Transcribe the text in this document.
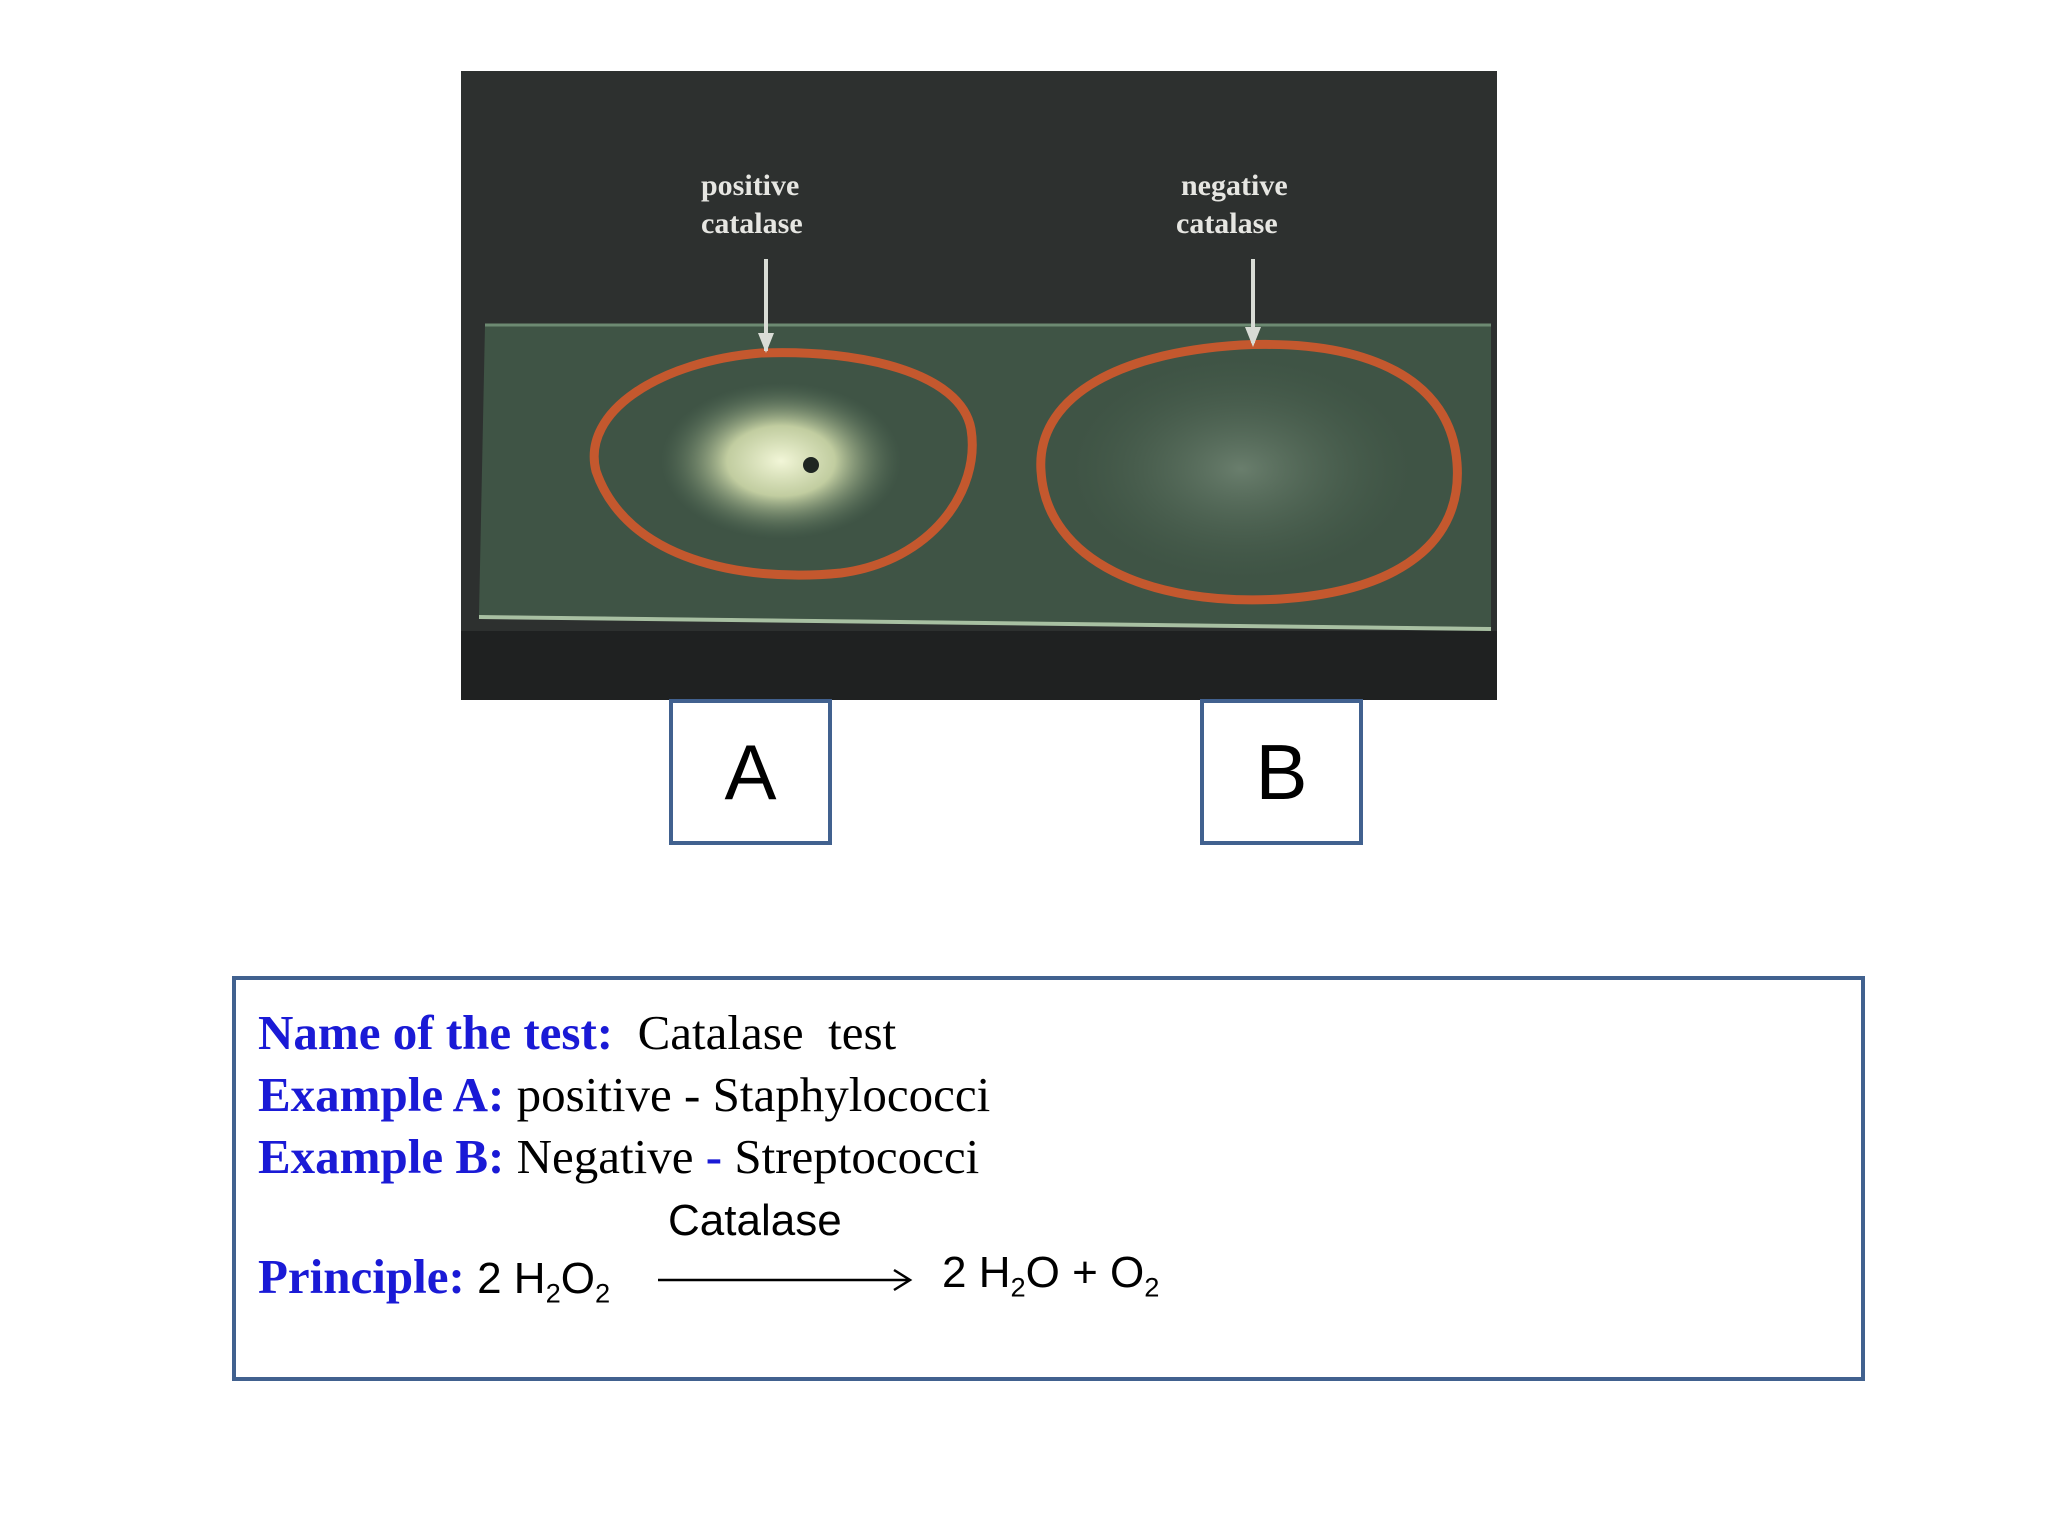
positive
catalase
negative
catalase
A	B
Name of the test: Catalase  test
Example A: positive - Staphylococci
Example B: Negative - Streptococci
Catalase
Principle: 2 $H_2O_2$	2 $H_2O + O_2$
